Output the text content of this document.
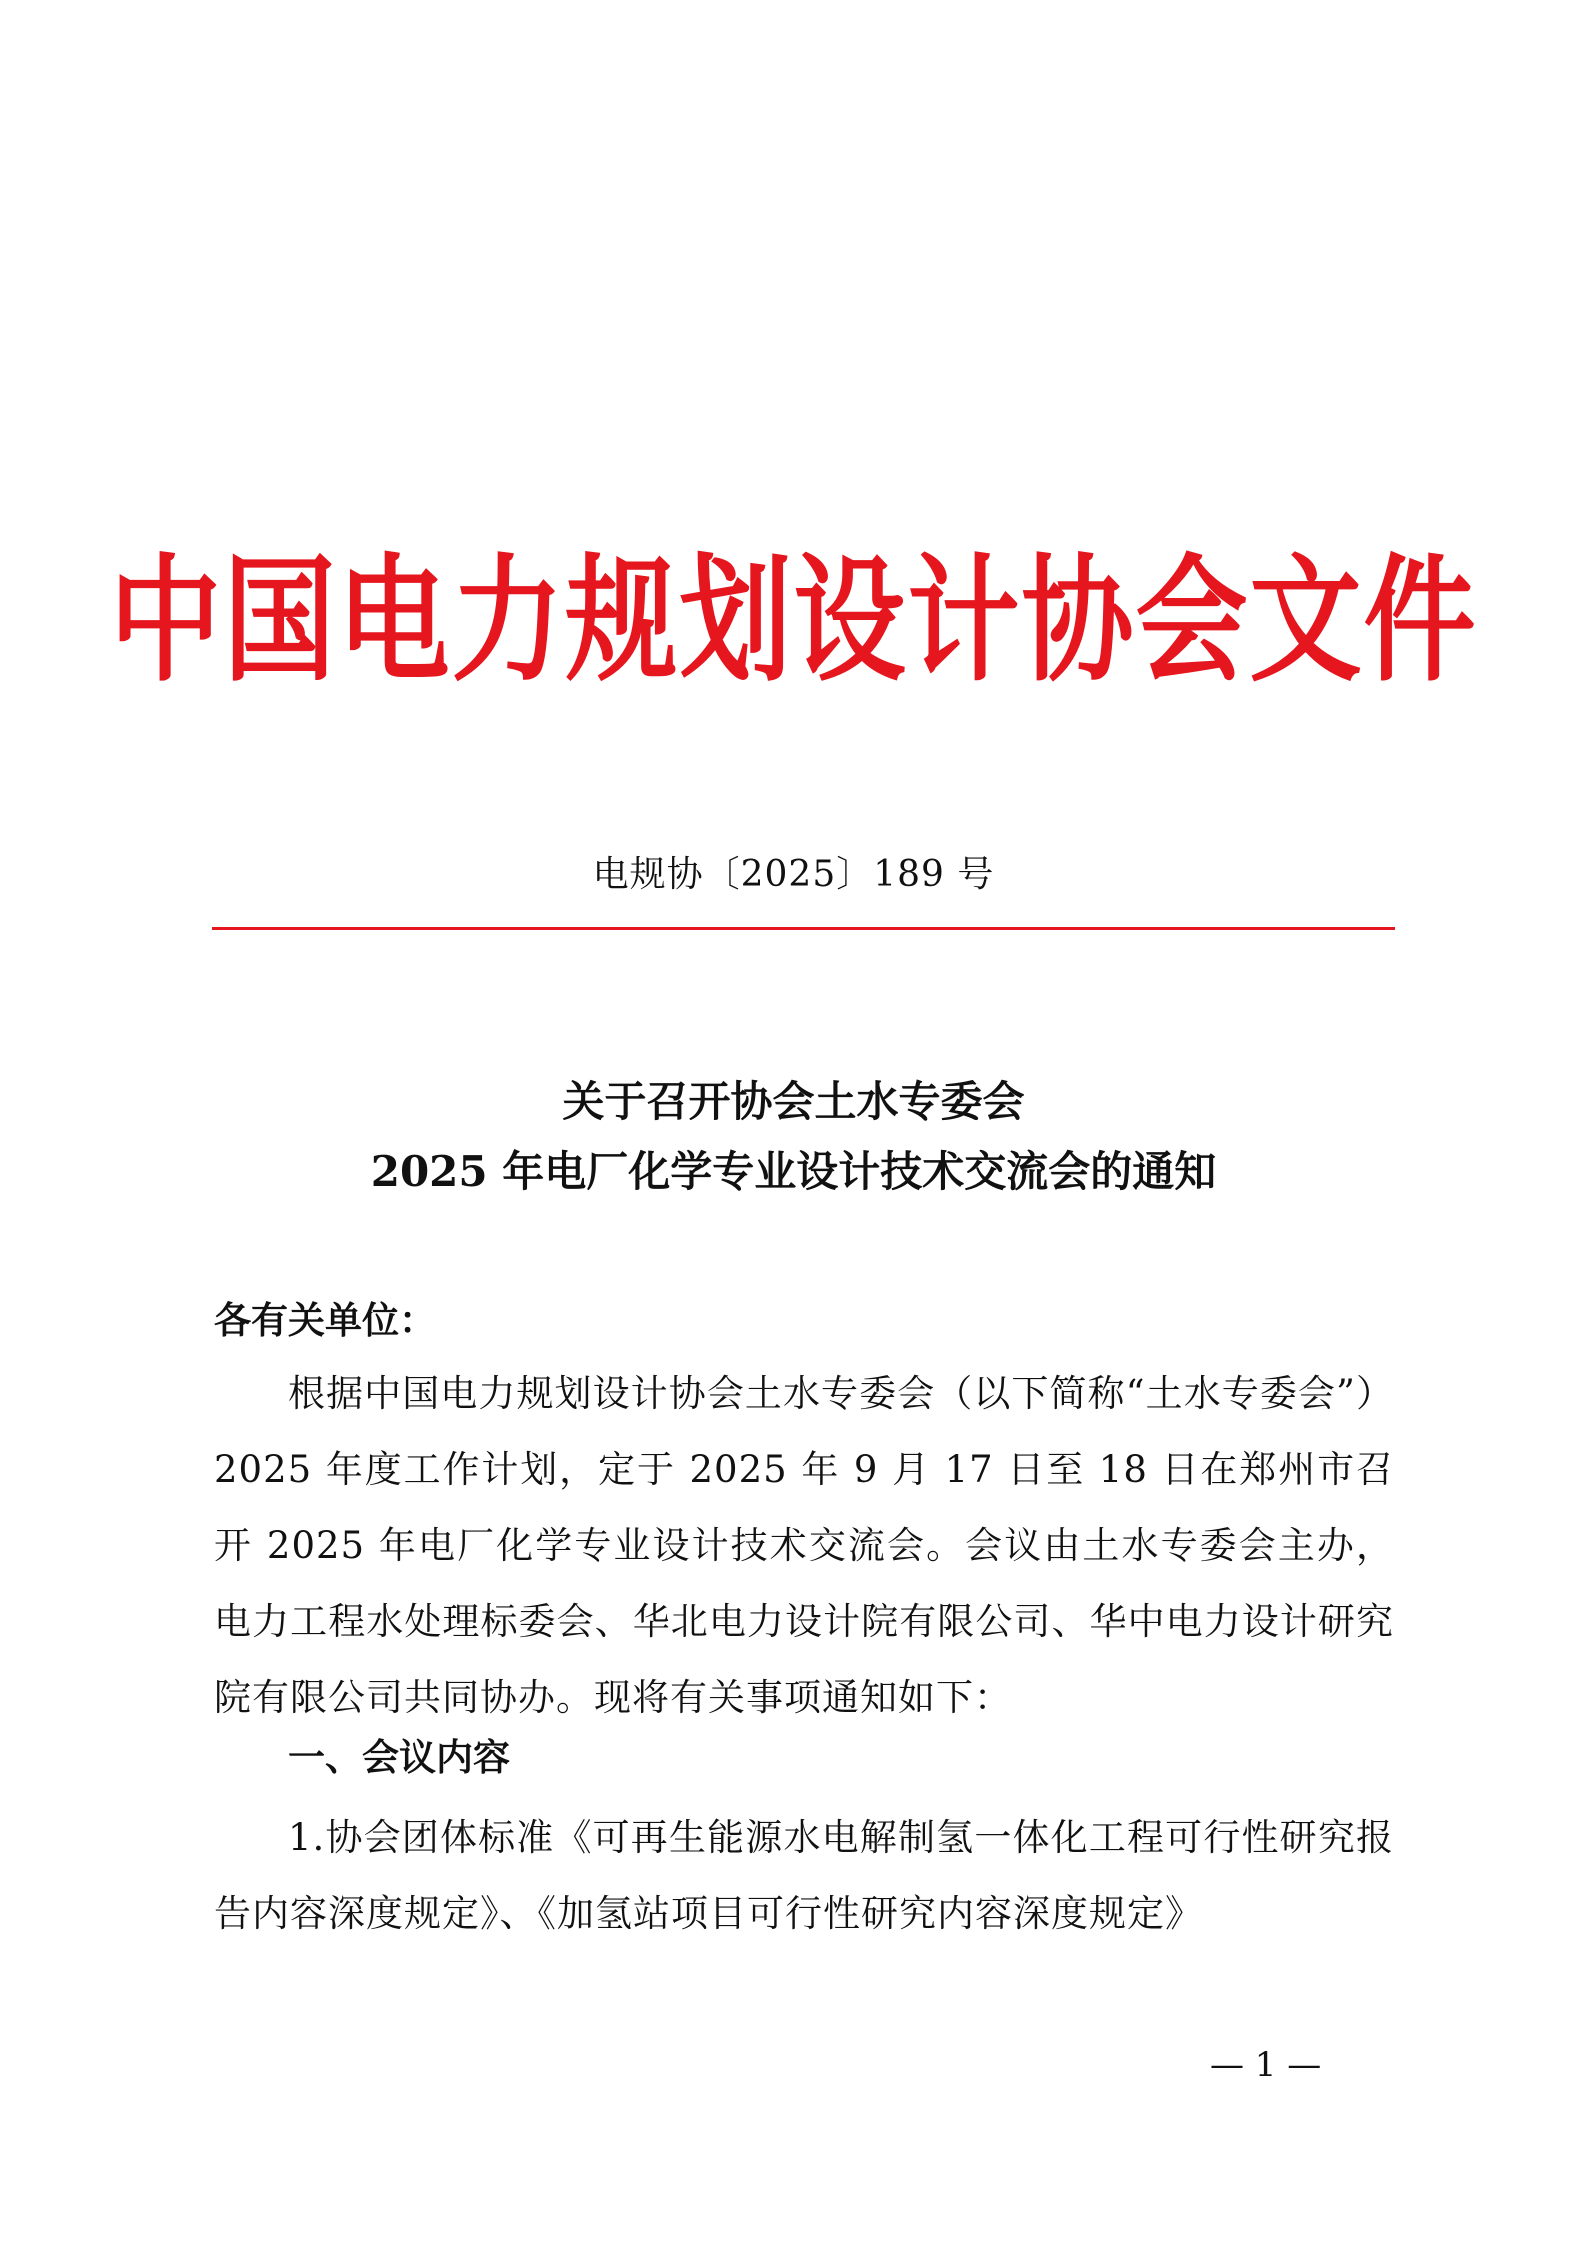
中国电力规划设计协会文件
电规协〔2025〕189 号
关于召开协会土水专委会
2025 年电厂化学专业设计技术交流会的通知
各有关单位：
根据中国电力规划设计协会土水专委会（以下简称“土水专委会”）2025 年度工作计划，定于 2025 年 9 月 17 日至 18 日在郑州市召开 2025 年电厂化学专业设计技术交流会。会议由土水专委会主办，电力工程水处理标委会、华北电力设计院有限公司、华中电力设计研究院有限公司共同协办。现将有关事项通知如下：
一、会议内容
1.协会团体标准《可再生能源水电解制氢一体化工程可行性研究报告内容深度规定》、《加氢站项目可行性研究内容深度规定》
— 1 —
